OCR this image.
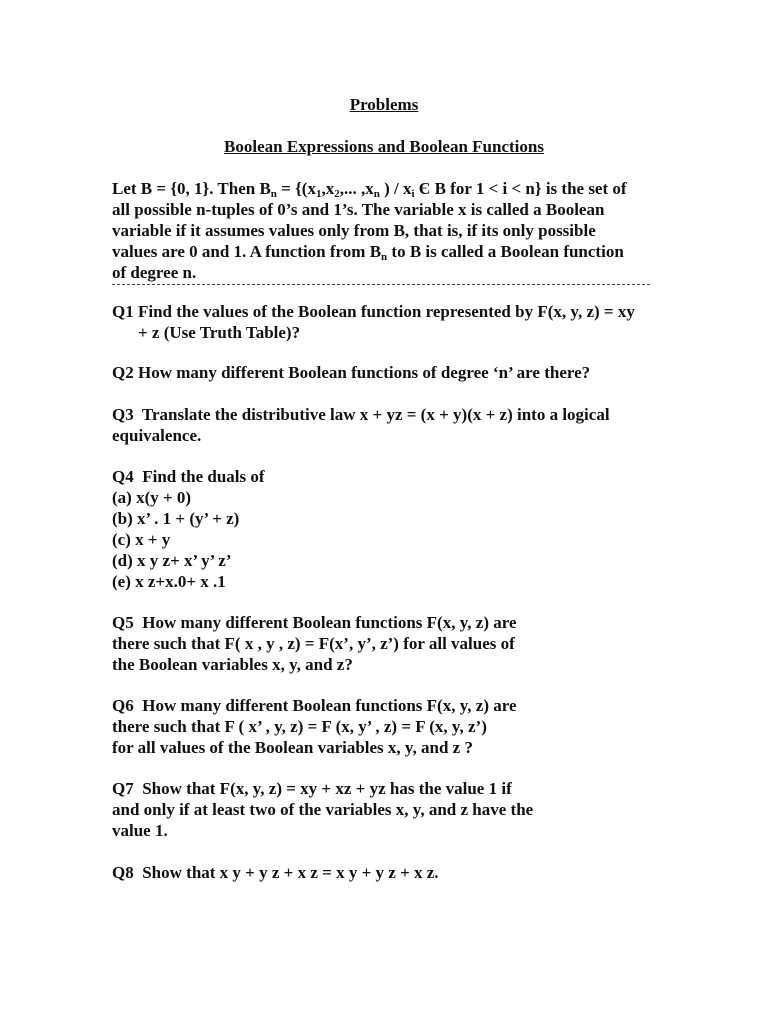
Problems
Boolean Expressions and Boolean Functions
Let B = {0, 1}. Then $B_n = \{(x_1,x_2$,... $,x_n$ ) / $x_i$ Є B for 1 < i < n} is the set of
all possible n-tuples of 0’s and 1’s. The variable x is called a Boolean
variable if it assumes values only from B, that is, if its only possible
values are 0 and 1. A function from $B_n$ to B is called a Boolean function
of degree n.
Q1 Find the values of the Boolean function represented by F(x, y, z) = xy
+ z (Use Truth Table)?
Q2 How many different Boolean functions of degree ‘n’ are there?
Q3  Translate the distributive law x + yz = (x + y)(x + z) into a logical
equivalence.
Q4  Find the duals of
(a) x(y + 0)
(b) x’ . 1 + (y’ + z)
(c) x + y
(d) x y z+ x’ y’ z’
(e) x z+x.0+ x .1
Q5  How many different Boolean functions F(x, y, z) are
there such that F( x , y , z) = F(x’, y’, z’) for all values of
the Boolean variables x, y, and z?
Q6  How many different Boolean functions F(x, y, z) are
there such that F ( x’ , y, z) = F (x, y’ , z) = F (x, y, z’)
for all values of the Boolean variables x, y, and z ?
Q7  Show that F(x, y, z) = xy + xz + yz has the value 1 if
and only if at least two of the variables x, y, and z have the
value 1.
Q8  Show that x y + y z + x z = x y + y z + x z.
